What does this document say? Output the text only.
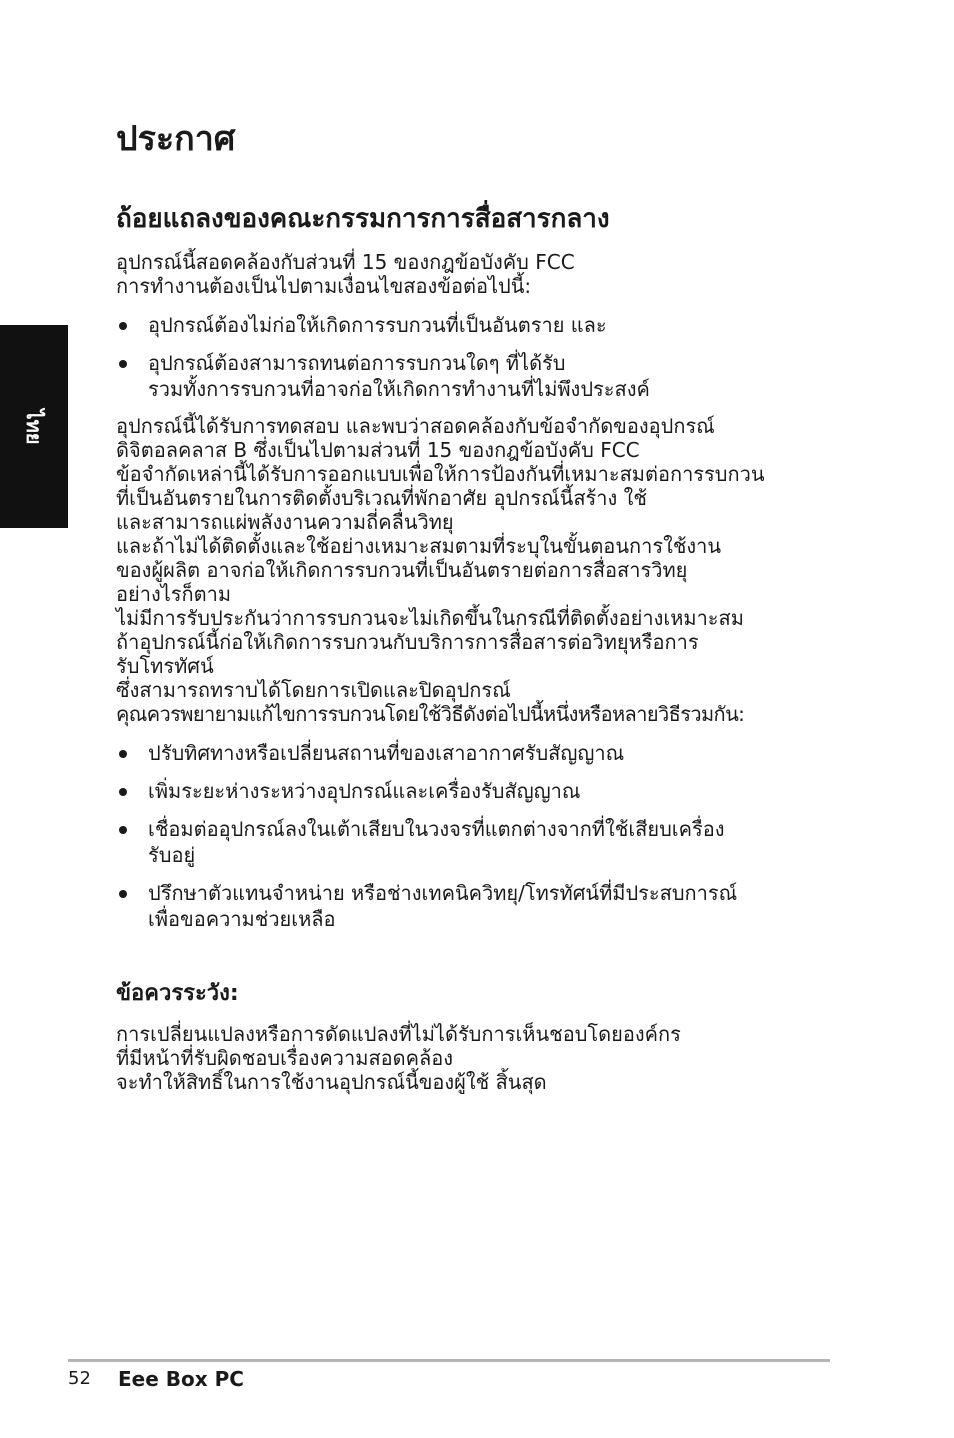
ไทย
ประกาศ
ถ้อยแถลงของคณะกรรมการการสื่อสารกลาง

อุปกรณ์นี้สอดคล้องกับส่วนที่ 15 ของกฎข้อบังคับ FCC
การทำงานต้องเป็นไปตามเงื่อนไขสองข้อต่อไปนี้:

อุปกรณ์ต้องไม่ก่อให้เกิดการรบกวนที่เป็นอันตราย และ
อุปกรณ์ต้องสามารถทนต่อการรบกวนใดๆ ที่ได้รับ
รวมทั้งการรบกวนที่อาจก่อให้เกิดการทำงานที่ไม่พึงประสงค์

อุปกรณ์นี้ได้รับการทดสอบ และพบว่าสอดคล้องกับข้อจำกัดของอุปกรณ์
ดิจิตอลคลาส B ซึ่งเป็นไปตามส่วนที่ 15 ของกฎข้อบังคับ FCC
ข้อจำกัดเหล่านี้ได้รับการออกแบบเพื่อให้การป้องกันที่เหมาะสมต่อการรบกวน
ที่เป็นอันตรายในการติดตั้งบริเวณที่พักอาศัย อุปกรณ์นี้สร้าง ใช้
และสามารถแผ่พลังงานความถี่คลื่นวิทยุ
และถ้าไม่ได้ติดตั้งและใช้อย่างเหมาะสมตามที่ระบุในขั้นตอนการใช้งาน
ของผู้ผลิต อาจก่อให้เกิดการรบกวนที่เป็นอันตรายต่อการสื่อสารวิทยุ
อย่างไรก็ตาม
ไม่มีการรับประกันว่าการรบกวนจะไม่เกิดขึ้นในกรณีที่ติดตั้งอย่างเหมาะสม
ถ้าอุปกรณ์นี้ก่อให้เกิดการรบกวนกับบริการการสื่อสารต่อวิทยุหรือการ
รับโทรทัศน์
ซึ่งสามารถทราบได้โดยการเปิดและปิดอุปกรณ์
คุณควรพยายามแก้ไขการรบกวนโดยใช้วิธีดังต่อไปนี้หนึ่งหรือหลายวิธีรวมกัน:

ปรับทิศทางหรือเปลี่ยนสถานที่ของเสาอากาศรับสัญญาณ
เพิ่มระยะห่างระหว่างอุปกรณ์และเครื่องรับสัญญาณ
เชื่อมต่ออุปกรณ์ลงในเต้าเสียบในวงจรที่แตกต่างจากที่ใช้เสียบเครื่อง
รับอยู่
ปรึกษาตัวแทนจำหน่าย หรือช่างเทคนิควิทยุ/โทรทัศน์ที่มีประสบการณ์
เพื่อขอความช่วยเหลือ
ข้อควรระวัง:

การเปลี่ยนแปลงหรือการดัดแปลงที่ไม่ได้รับการเห็นชอบโดยองค์กร
ที่มีหน้าที่รับผิดชอบเรื่องความสอดคล้อง
จะทำให้สิทธิ์ในการใช้งานอุปกรณ์นี้ของผู้ใช้ สิ้นสุด

52 Eee Box PC
